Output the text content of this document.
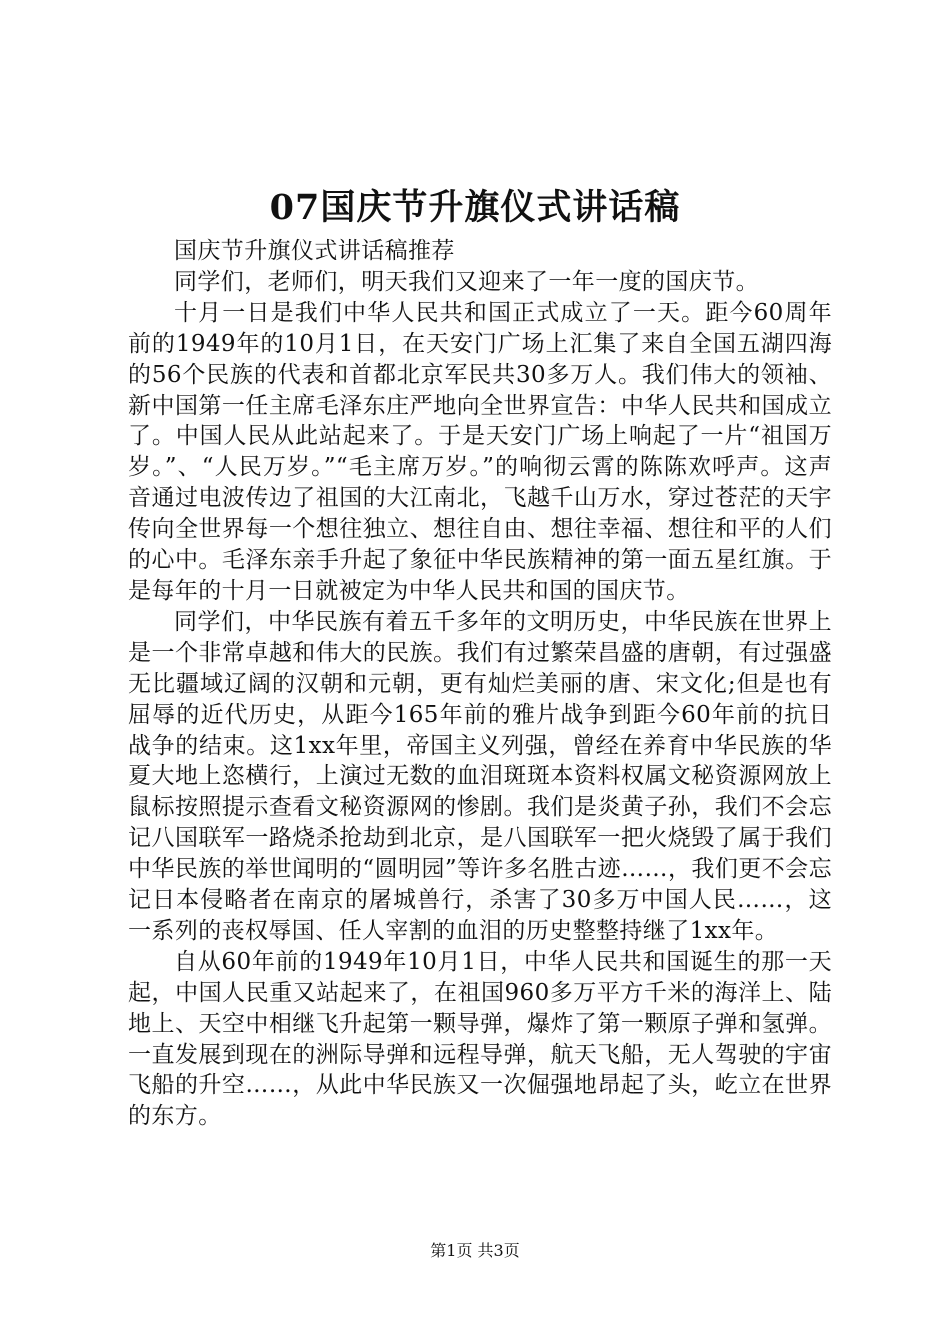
07国庆节升旗仪式讲话稿

国庆节升旗仪式讲话稿推荐

同学们，老师们，明天我们又迎来了一年一度的国庆节。

十月一日是我们中华人民共和国正式成立了一天。距今60周年前的1949年的10月1日，在天安门广场上汇集了来自全国五湖四海的56个民族的代表和首都北京军民共30多万人。我们伟大的领袖、新中国第一任主席毛泽东庄严地向全世界宣告：中华人民共和国成立了。中国人民从此站起来了。于是天安门广场上响起了一片“祖国万岁。”、“人民万岁。”“毛主席万岁。”的响彻云霄的陈陈欢呼声。这声音通过电波传边了祖国的大江南北，飞越千山万水，穿过苍茫的天宇传向全世界每一个想往独立、想往自由、想往幸福、想往和平的人们的心中。毛泽东亲手升起了象征中华民族精神的第一面五星红旗。于是每年的十月一日就被定为中华人民共和国的国庆节。

同学们，中华民族有着五千多年的文明历史，中华民族在世界上是一个非常卓越和伟大的民族。我们有过繁荣昌盛的唐朝，有过强盛无比疆域辽阔的汉朝和元朝，更有灿烂美丽的唐、宋文化;但是也有屈辱的近代历史，从距今165年前的雅片战争到距今60年前的抗日战争的结束。这1xx年里，帝国主义列强，曾经在养育中华民族的华夏大地上恣横行，上演过无数的血泪斑斑本资料权属文秘资源网放上鼠标按照提示查看文秘资源网的惨剧。我们是炎黄子孙，我们不会忘记八国联军一路烧杀抢劫到北京，是八国联军一把火烧毁了属于我们中华民族的举世闻明的“圆明园”等许多名胜古迹……，我们更不会忘记日本侵略者在南京的屠城兽行，杀害了30多万中国人民……，这一系列的丧权辱国、任人宰割的血泪的历史整整持继了1xx年。

自从60年前的1949年10月1日，中华人民共和国诞生的那一天起，中国人民重又站起来了，在祖国960多万平方千米的海洋上、陆地上、天空中相继飞升起第一颗导弹，爆炸了第一颗原子弹和氢弹。一直发展到现在的洲际导弹和远程导弹，航天飞船，无人驾驶的宇宙飞船的升空……，从此中华民族又一次倔强地昂起了头，屹立在世界的东方。

第1页 共3页
